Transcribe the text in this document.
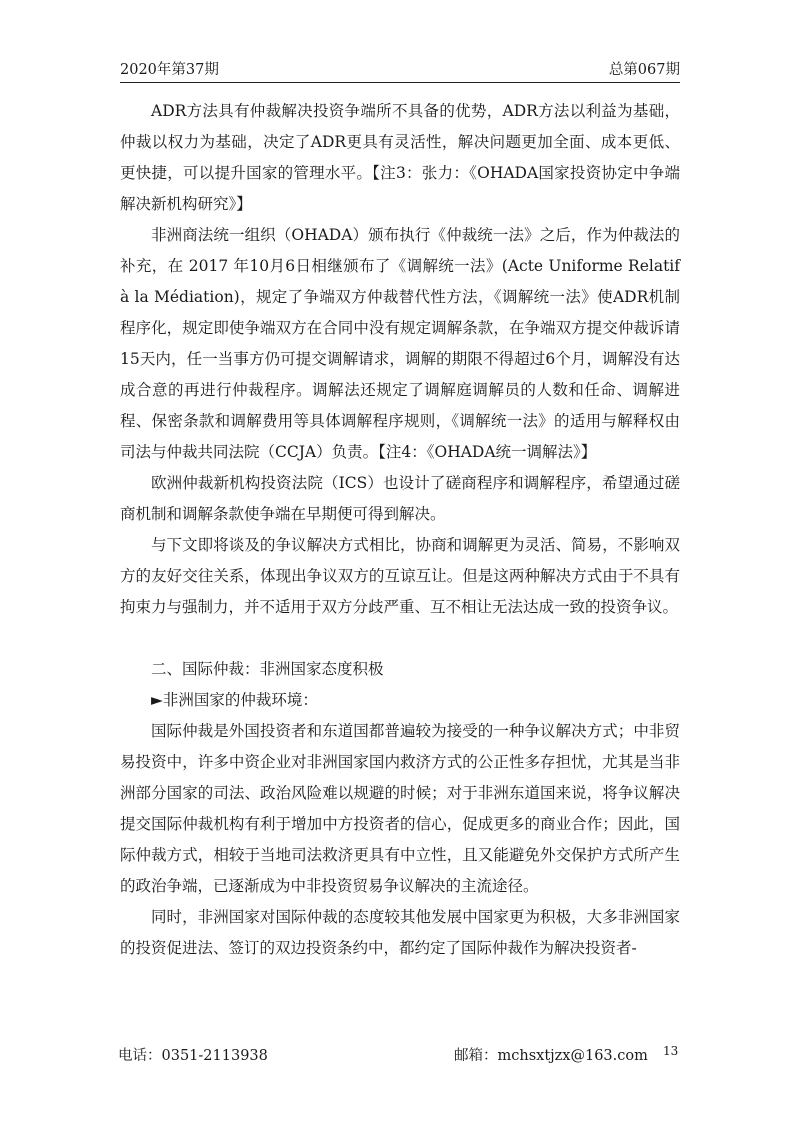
2020年第37期	总第067期

ADR方法具有仲裁解决投资争端所不具备的优势，ADR方法以利益为基础，仲裁以权力为基础，决定了ADR更具有灵活性，解决问题更加全面、成本更低、更快捷，可以提升国家的管理水平。【注3：张力：《OHADA国家投资协定中争端解决新机构研究》】

非洲商法统一组织（OHADA）颁布执行《仲裁统一法》之后，作为仲裁法的补充，在 2017 年10月6日相继颁布了《调解统一法》(Acte Uniforme Relatif à la Médiation)，规定了争端双方仲裁替代性方法，《调解统一法》使ADR机制程序化，规定即使争端双方在合同中没有规定调解条款，在争端双方提交仲裁诉请15天内，任一当事方仍可提交调解请求，调解的期限不得超过6个月，调解没有达成合意的再进行仲裁程序。调解法还规定了调解庭调解员的人数和任命、调解进程、保密条款和调解费用等具体调解程序规则，《调解统一法》的适用与解释权由司法与仲裁共同法院（CCJA）负责。【注4：《OHADA统一调解法》】

欧洲仲裁新机构投资法院（ICS）也设计了磋商程序和调解程序，希望通过磋商机制和调解条款使争端在早期便可得到解决。

与下文即将谈及的争议解决方式相比，协商和调解更为灵活、简易，不影响双方的友好交往关系，体现出争议双方的互谅互让。但是这两种解决方式由于不具有拘束力与强制力，并不适用于双方分歧严重、互不相让无法达成一致的投资争议。

二、国际仲裁：非洲国家态度积极

►非洲国家的仲裁环境：

国际仲裁是外国投资者和东道国都普遍较为接受的一种争议解决方式；中非贸易投资中，许多中资企业对非洲国家国内救济方式的公正性多存担忧，尤其是当非洲部分国家的司法、政治风险难以规避的时候；对于非洲东道国来说，将争议解决提交国际仲裁机构有利于增加中方投资者的信心，促成更多的商业合作；因此，国际仲裁方式，相较于当地司法救济更具有中立性，且又能避免外交保护方式所产生的政治争端，已逐渐成为中非投资贸易争议解决的主流途径。

同时，非洲国家对国际仲裁的态度较其他发展中国家更为积极，大多非洲国家的投资促进法、签订的双边投资条约中，都约定了国际仲裁作为解决投资者-

电话：0351-2113938	邮箱：mchsxtjzx@163.com 13
